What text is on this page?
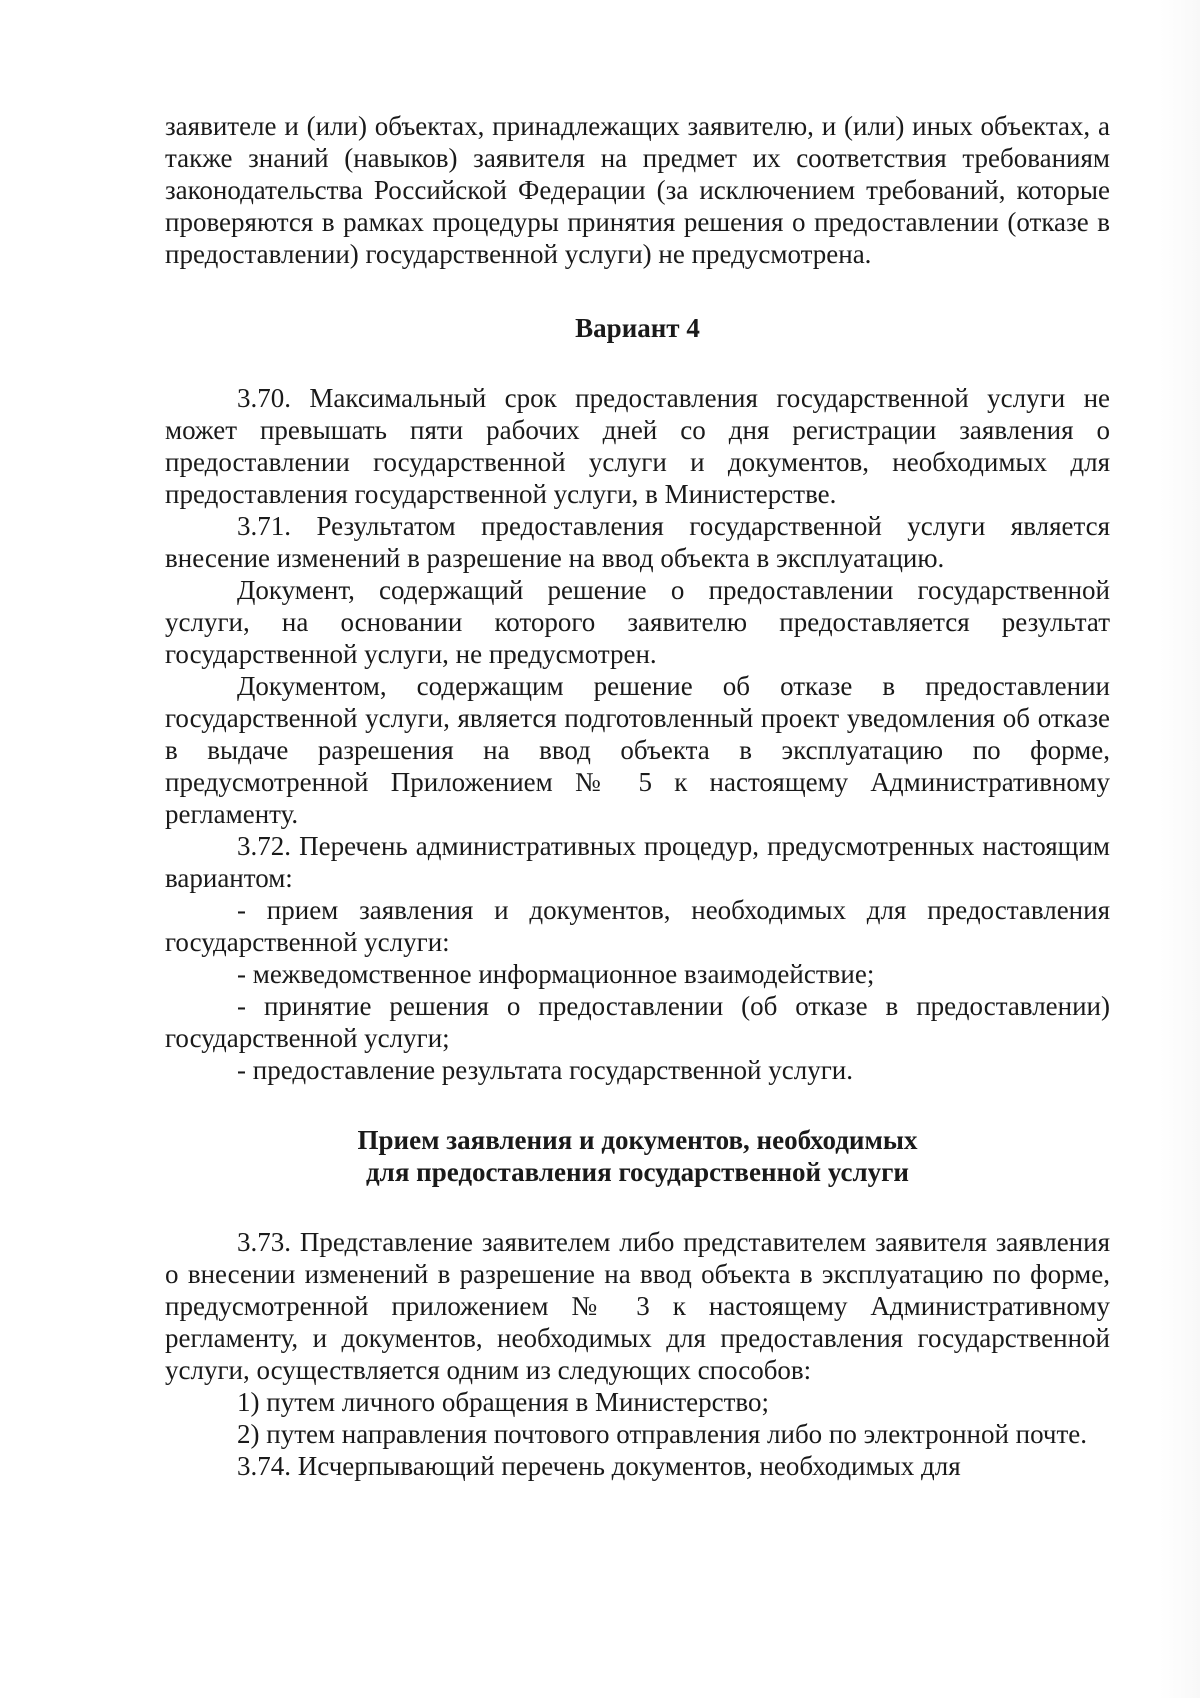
заявителе и (или) объектах, принадлежащих заявителю, и (или) иных объектах, а также знаний (навыков) заявителя на предмет их соответствия требованиям законодательства Российской Федерации (за исключением требований, которые проверяются в рамках процедуры принятия решения о предоставлении (отказе в предоставлении) государственной услуги) не предусмотрена.

Вариант 4

3.70. Максимальный срок предоставления государственной услуги не может превышать пяти рабочих дней со дня регистрации заявления о предоставлении государственной услуги и документов, необходимых для предоставления государственной услуги, в Министерстве.

3.71. Результатом предоставления государственной услуги является внесение изменений в разрешение на ввод объекта в эксплуатацию.

Документ, содержащий решение о предоставлении государственной услуги, на основании которого заявителю предоставляется результат государственной услуги, не предусмотрен.

Документом, содержащим решение об отказе в предоставлении государственной услуги, является подготовленный проект уведомления об отказе в выдаче разрешения на ввод объекта в эксплуатацию по форме, предусмотренной Приложением № 5 к настоящему Административному регламенту.

3.72. Перечень административных процедур, предусмотренных настоящим вариантом:

- прием заявления и документов, необходимых для предоставления государственной услуги:

- межведомственное информационное взаимодействие;

- принятие решения о предоставлении (об отказе в предоставлении) государственной услуги;

- предоставление результата государственной услуги.

Прием заявления и документов, необходимых
для предоставления государственной услуги

3.73. Представление заявителем либо представителем заявителя заявления о внесении изменений в разрешение на ввод объекта в эксплуатацию по форме, предусмотренной приложением № 3 к настоящему Административному регламенту, и документов, необходимых для предоставления государственной услуги, осуществляется одним из следующих способов:

1) путем личного обращения в Министерство;

2) путем направления почтового отправления либо по электронной почте.

3.74. Исчерпывающий перечень документов, необходимых для
